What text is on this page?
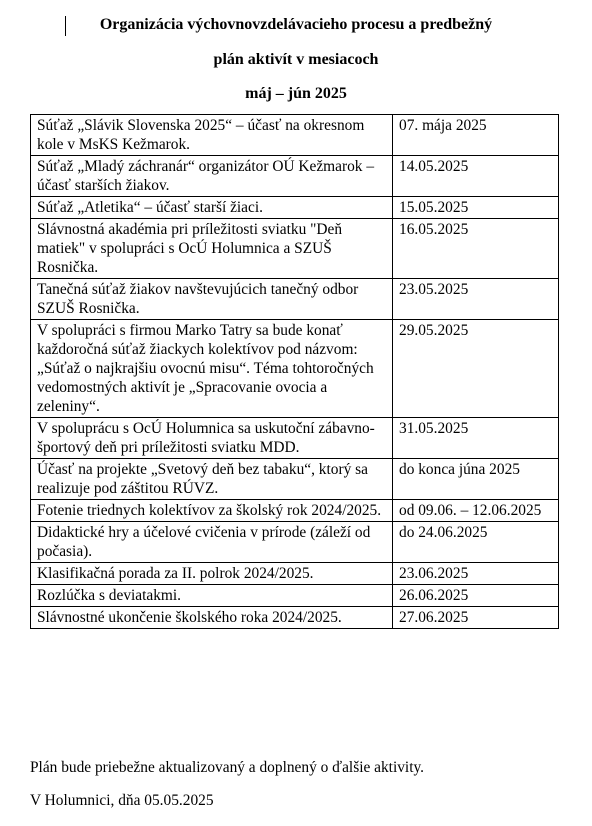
Organizácia výchovnovzdelávacieho procesu a predbežný
plán aktivít v mesiacoch
máj – jún 2025
Súťaž „Slávik Slovenska 2025“ – účasť na okresnom kole v MsKS Kežmarok.	07. mája 2025
Súťaž „Mladý záchranár“ organizátor OÚ Kežmarok – účasť starších žiakov.	14.05.2025
Súťaž „Atletika“ – účasť starší žiaci.	15.05.2025
Slávnostná akadémia pri príležitosti sviatku "Deň matiek" v spolupráci s OcÚ Holumnica a SZUŠ Rosnička.	16.05.2025
Tanečná súťaž žiakov navštevujúcich tanečný odbor SZUŠ Rosnička.	23.05.2025
V spolupráci s firmou Marko Tatry sa bude konať každoročná súťaž žiackych kolektívov pod názvom: „Súťaž o najkrajšiu ovocnú misu“. Téma tohtoročných vedomostných aktivít je „Spracovanie ovocia a zeleniny“.	29.05.2025
V spoluprácu s OcÚ Holumnica sa uskutoční zábavno-športový deň pri príležitosti sviatku MDD.	31.05.2025
Účasť na projekte „Svetový deň bez tabaku“, ktorý sa realizuje pod záštitou RÚVZ.	do konca júna 2025
Fotenie triednych kolektívov za školský rok 2024/2025.	od 09.06. – 12.06.2025
Didaktické hry a účelové cvičenia v prírode (záleží od počasia).	do 24.06.2025
Klasifikačná porada za II. polrok 2024/2025.	23.06.2025
Rozlúčka s deviatakmi.	26.06.2025
Slávnostné ukončenie školského roka 2024/2025.	27.06.2025
Plán bude priebežne aktualizovaný a doplnený o ďalšie aktivity.
V Holumnici, dňa 05.05.2025
